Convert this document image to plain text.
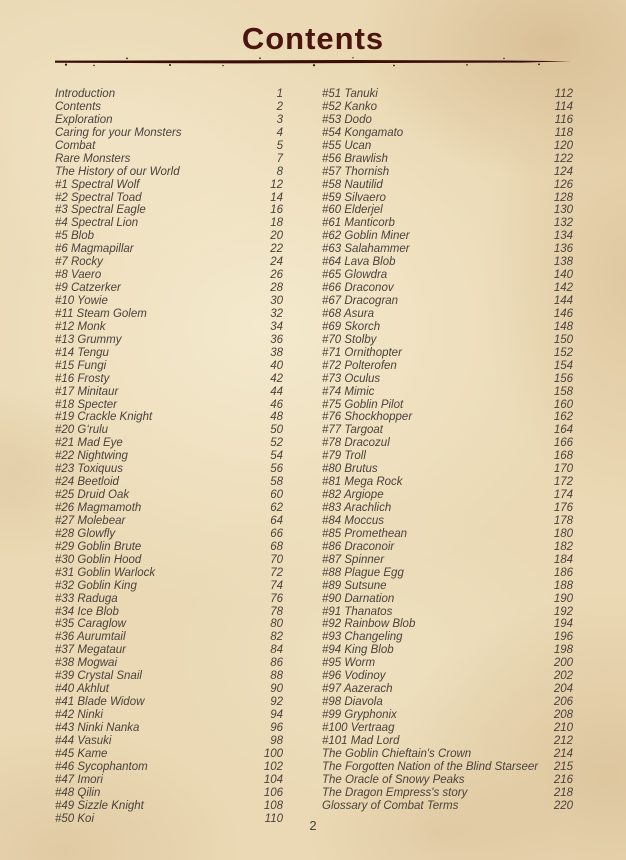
Contents
Introduction	1
Contents	2
Exploration	3
Caring for your Monsters	4
Combat	5
Rare Monsters	7
The History of our World	8
#1 Spectral Wolf	12
#2 Spectral Toad	14
#3 Spectral Eagle	16
#4 Spectral Lion	18
#5 Blob	20
#6 Magmapillar	22
#7 Rocky	24
#8 Vaero	26
#9 Catzerker	28
#10 Yowie	30
#11 Steam Golem	32
#12 Monk	34
#13 Grummy	36
#14 Tengu	38
#15 Fungi	40
#16 Frosty	42
#17 Minitaur	44
#18 Specter	46
#19 Crackle Knight	48
#20 G‘rulu	50
#21 Mad Eye	52
#22 Nightwing	54
#23 Toxiquus	56
#24 Beetloid	58
#25 Druid Oak	60
#26 Magmamoth	62
#27 Molebear	64
#28 Glowfly	66
#29 Goblin Brute	68
#30 Goblin Hood	70
#31 Goblin Warlock	72
#32 Goblin King	74
#33 Raduga	76
#34 Ice Blob	78
#35 Caraglow	80
#36 Aurumtail	82
#37 Megataur	84
#38 Mogwai	86
#39 Crystal Snail	88
#40 Akhlut	90
#41 Blade Widow	92
#42 Ninki	94
#43 Ninki Nanka	96
#44 Vasuki	98
#45 Kame	100
#46 Sycophantom	102
#47 Imori	104
#48 Qilin	106
#49 Sizzle Knight	108
#50 Koi	110
#51 Tanuki	112
#52 Kanko	114
#53 Dodo	116
#54 Kongamato	118
#55 Ucan	120
#56 Brawlish	122
#57 Thornish	124
#58 Nautilid	126
#59 Silvaero	128
#60 Elderjel	130
#61 Manticorb	132
#62 Goblin Miner	134
#63 Salahammer	136
#64 Lava Blob	138
#65 Glowdra	140
#66 Draconov	142
#67 Dracogran	144
#68 Asura	146
#69 Skorch	148
#70 Stolby	150
#71 Ornithopter	152
#72 Polterofen	154
#73 Oculus	156
#74 Mimic	158
#75 Goblin Pilot	160
#76 Shockhopper	162
#77 Targoat	164
#78 Dracozul	166
#79 Troll	168
#80 Brutus	170
#81 Mega Rock	172
#82 Argiope	174
#83 Arachlich	176
#84 Moccus	178
#85 Promethean	180
#86 Draconoir	182
#87 Spinner	184
#88 Plague Egg	186
#89 Sutsune	188
#90 Darnation	190
#91 Thanatos	192
#92 Rainbow Blob	194
#93 Changeling	196
#94 King Blob	198
#95 Worm	200
#96 Vodinoy	202
#97 Aazerach	204
#98 Diavola	206
#99 Gryphonix	208
#100 Vertraag	210
#101 Mad Lord	212
The Goblin Chieftain's Crown	214
The Forgotten Nation of the Blind Starseer	215
The Oracle of Snowy Peaks	216
The Dragon Empress's story	218
Glossary of Combat Terms	220
2
